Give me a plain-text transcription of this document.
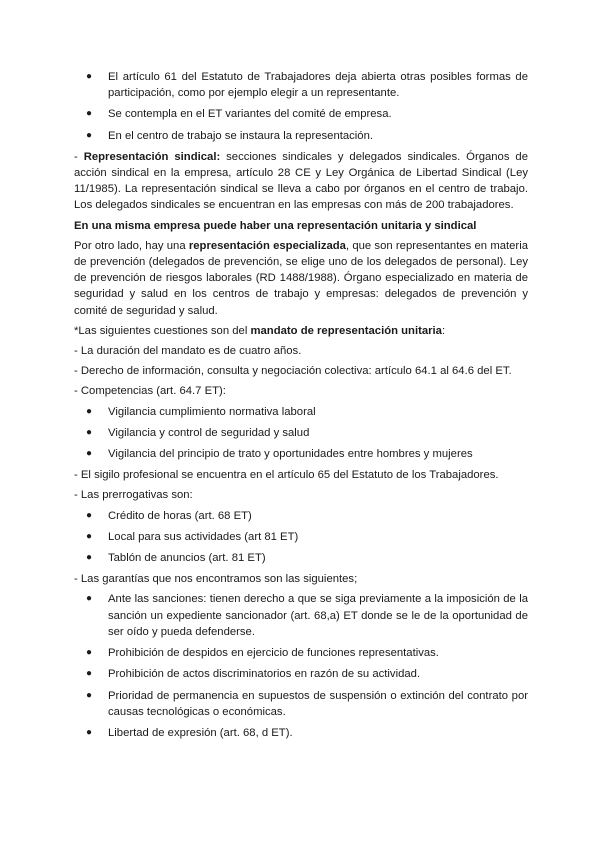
● El artículo 61 del Estatuto de Trabajadores deja abierta otras posibles formas de participación, como por ejemplo elegir a un representante.
● Se contempla en el ET variantes del comité de empresa.
● En el centro de trabajo se instaura la representación.

- Representación sindical: secciones sindicales y delegados sindicales. Órganos de acción sindical en la empresa, artículo 28 CE y Ley Orgánica de Libertad Sindical (Ley 11/1985). La representación sindical se lleva a cabo por órganos en el centro de trabajo. Los delegados sindicales se encuentran en las empresas con más de 200 trabajadores.

En una misma empresa puede haber una representación unitaria y sindical

Por otro lado, hay una representación especializada, que son representantes en materia de prevención (delegados de prevención, se elige uno de los delegados de personal). Ley de prevención de riesgos laborales (RD 1488/1988). Órgano especializado en materia de seguridad y salud en los centros de trabajo y empresas: delegados de prevención y comité de seguridad y salud.

*Las siguientes cuestiones son del mandato de representación unitaria:

- La duración del mandato es de cuatro años.

- Derecho de información, consulta y negociación colectiva: artículo 64.1 al 64.6 del ET.

- Competencias (art. 64.7 ET):

● Vigilancia cumplimiento normativa laboral
● Vigilancia y control de seguridad y salud
● Vigilancia del principio de trato y oportunidades entre hombres y mujeres

- El sigilo profesional se encuentra en el artículo 65 del Estatuto de los Trabajadores.

- Las prerrogativas son:

● Crédito de horas (art. 68 ET)
● Local para sus actividades (art 81 ET)
● Tablón de anuncios (art. 81 ET)

- Las garantías que nos encontramos son las siguientes;

● Ante las sanciones: tienen derecho a que se siga previamente a la imposición de la sanción un expediente sancionador (art. 68,a) ET donde se le de la oportunidad de ser oído y pueda defenderse.
● Prohibición de despidos en ejercicio de funciones representativas.
● Prohibición de actos discriminatorios en razón de su actividad.
● Prioridad de permanencia en supuestos de suspensión o extinción del contrato por causas tecnológicas o económicas.
● Libertad de expresión (art. 68, d ET).
